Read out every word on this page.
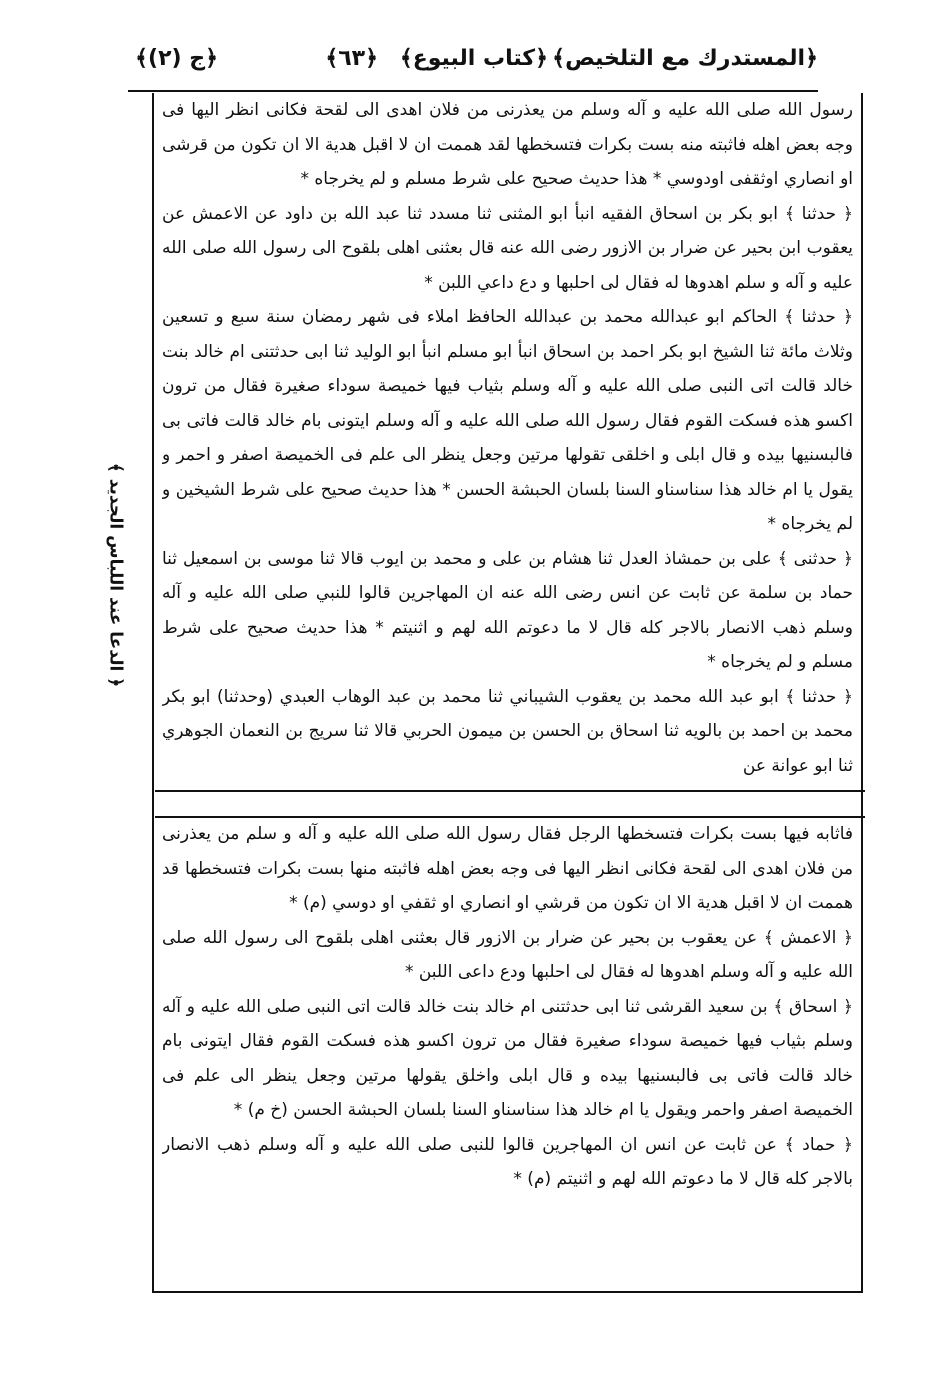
﴿المستدرك مع التلخيص﴾
﴿كتاب البيوع﴾
﴿٦٣﴾
﴿ج (٢)﴾

رسول الله صلى الله عليه و آله وسلم من يعذرنى من فلان اهدى الى لقحة فكانى انظر اليها فى وجه بعض اهله فاثبته منه بست بكرات فتسخطها لقد هممت ان لا اقبل هدية الا ان تكون من قرشى او انصاري اوثقفى اودوسي * هذا حديث صحيح على شرط مسلم و لم يخرجاه *

﴿ حدثنا ﴾ ابو بكر بن اسحاق الفقيه انبأ ابو المثنى ثنا مسدد ثنا عبد الله بن داود عن الاعمش عن يعقوب ابن بحير عن ضرار بن الازور رضى الله عنه قال بعثنى اهلى بلقوح الى رسول الله صلى الله عليه و آله و سلم اهدوها له فقال لى احلبها و دع داعي اللبن *

﴿ حدثنا ﴾ الحاكم ابو عبدالله محمد بن عبدالله الحافظ املاء فى شهر رمضان سنة سبع و تسعين وثلاث مائة ثنا الشيخ ابو بكر احمد بن اسحاق انبأ ابو مسلم انبأ ابو الوليد ثنا ابى حدثتنى ام خالد بنت خالد قالت اتى النبى صلى الله عليه و آله وسلم بثياب فيها خميصة سوداء صغيرة فقال من ترون اكسو هذه فسكت القوم فقال رسول الله صلى الله عليه و آله وسلم ايتونى بام خالد قالت فاتى بى فالبسنيها بيده و قال ابلى و اخلقى تقولها مرتين وجعل ينظر الى علم فى الخميصة اصفر و احمر و يقول يا ام خالد هذا سناسناو السنا بلسان الحبشة الحسن * هذا حديث صحيح على شرط الشيخين و لم يخرجاه *

﴿ حدثنى ﴾ على بن حمشاذ العدل ثنا هشام بن على و محمد بن ايوب قالا ثنا موسى بن اسمعيل ثنا حماد بن سلمة عن ثابت عن انس رضى الله عنه ان المهاجرين قالوا للنبي صلى الله عليه و آله وسلم ذهب الانصار بالاجر كله قال لا ما دعوتم الله لهم و اثنيتم * هذا حديث صحيح على شرط مسلم و لم يخرجاه *

﴿ حدثنا ﴾ ابو عبد الله محمد بن يعقوب الشيباني ثنا محمد بن عبد الوهاب العبدي (وحدثنا) ابو بكر محمد بن احمد بن بالويه ثنا اسحاق بن الحسن بن ميمون الحربي قالا ثنا سريج بن النعمان الجوهري ثنا ابو عوانة عن

فاثابه فيها بست بكرات فتسخطها الرجل فقال رسول الله صلى الله عليه و آله و سلم من يعذرنى من فلان اهدى الى لقحة فكانى انظر اليها فى وجه بعض اهله فاثبته منها بست بكرات فتسخطها قد هممت ان لا اقبل هدية الا ان تكون من قرشي او انصاري او ثقفي او دوسي (م) *

﴿ الاعمش ﴾ عن يعقوب بن بحير عن ضرار بن الازور قال بعثنى اهلى بلقوح الى رسول الله صلى الله عليه و آله وسلم اهدوها له فقال لى احلبها ودع داعى اللبن *

﴿ اسحاق ﴾ بن سعيد القرشى ثنا ابى حدثتنى ام خالد بنت خالد قالت اتى النبى صلى الله عليه و آله وسلم بثياب فيها خميصة سوداء صغيرة فقال من ترون اكسو هذه فسكت القوم فقال ايتونى بام خالد قالت فاتى بى فالبسنيها بيده و قال ابلى واخلق يقولها مرتين وجعل ينظر الى علم فى الخميصة اصفر واحمر ويقول يا ام خالد هذا سناسناو السنا بلسان الحبشة الحسن (خ م) *

﴿ حماد ﴾ عن ثابت عن انس ان المهاجرين قالوا للنبى صلى الله عليه و آله وسلم ذهب الانصار بالاجر كله قال لا ما دعوتم الله لهم و اثنيتم (م) *

﴿ الدعا عند اللباس الجديد ﴾
